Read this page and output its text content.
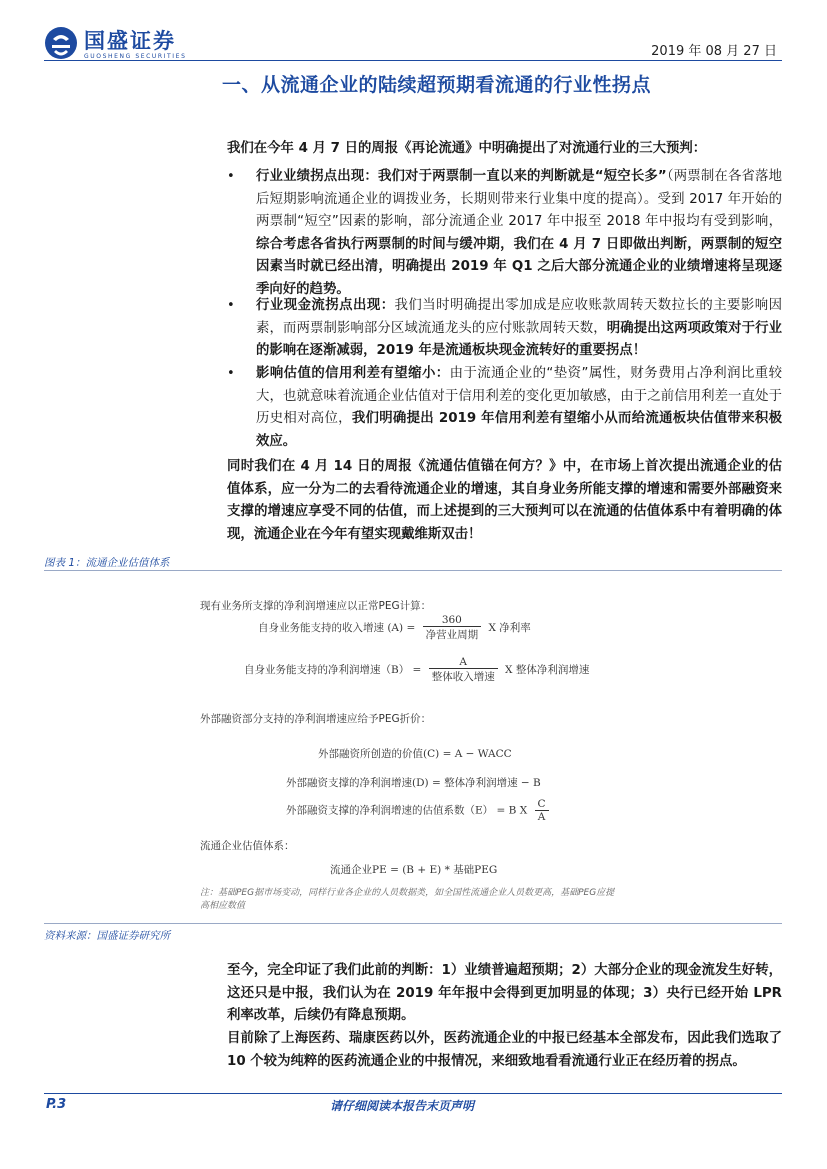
国盛证券
GUOSHENG SECURITIES	2019 年 08 月 27 日
一、从流通企业的陆续超预期看流通的行业性拐点

我们在今年 4 月 7 日的周报《再论流通》中明确提出了对流通行业的三大预判：

• 行业业绩拐点出现：我们对于两票制一直以来的判断就是“短空长多”（两票制在各省落地后短期影响流通企业的调拨业务，长期则带来行业集中度的提高）。受到 2017 年开始的两票制“短空”因素的影响，部分流通企业 2017 年中报至 2018 年中报均有受到影响，综合考虑各省执行两票制的时间与缓冲期，我们在 4 月 7 日即做出判断，两票制的短空因素当时就已经出清，明确提出 2019 年 Q1 之后大部分流通企业的业绩增速将呈现逐季向好的趋势。

• 行业现金流拐点出现：我们当时明确提出零加成是应收账款周转天数拉长的主要影响因素，而两票制影响部分区域流通龙头的应付账款周转天数，明确提出这两项政策对于行业的影响在逐渐减弱，2019 年是流通板块现金流转好的重要拐点！

• 影响估值的信用利差有望缩小：由于流通企业的“垫资”属性，财务费用占净利润比重较大，也就意味着流通企业估值对于信用利差的变化更加敏感，由于之前信用利差一直处于历史相对高位，我们明确提出 2019 年信用利差有望缩小从而给流通板块估值带来积极效应。

同时我们在 4 月 14 日的周报《流通估值锚在何方？》中，在市场上首次提出流通企业的估值体系，应一分为二的去看待流通企业的增速，其自身业务所能支撑的增速和需要外部融资来支撑的增速应享受不同的估值，而上述提到的三大预判可以在流通的估值体系中有着明确的体现，流通企业在今年有望实现戴维斯双击！

图表 1：流通企业估值体系
现有业务所支撑的净利润增速应以正常PEG计算：
自身业务能支持的收入增速 $(A) = \frac{360}{\text{净营业周期}}$ X 净利率
自身业务能支持的净利润增速$(B) = \frac{A}{\text{整体收入增速}}$ X 整体净利润增速
外部融资部分支持的净利润增速应给予PEG折价：
外部融资所创造的价值(C) = A − WACC
外部融资支撑的净利润增速(D) = 整体净利润增速 − B
外部融资支撑的净利润增速的估值系数（E） = B X $\frac{C}{A}$
流通企业估值体系：
流通企业PE = (B + E) * 基础PEG
注：基础PEG据市场变动，同样行业各企业的人员数据类，如全国性流通企业人员数更高，基础PEG应提高相应数值
资料来源：国盛证券研究所

至今，完全印证了我们此前的判断：1）业绩普遍超预期；2）大部分企业的现金流发生好转，这还只是中报，我们认为在 2019 年年报中会得到更加明显的体现；3）央行已经开始 LPR 利率改革，后续仍有降息预期。

目前除了上海医药、瑞康医药以外，医药流通企业的中报已经基本全部发布，因此我们选取了 10 个较为纯粹的医药流通企业的中报情况，来细致地看看流通行业正在经历着的拐点。

P.3	请仔细阅读本报告末页声明
